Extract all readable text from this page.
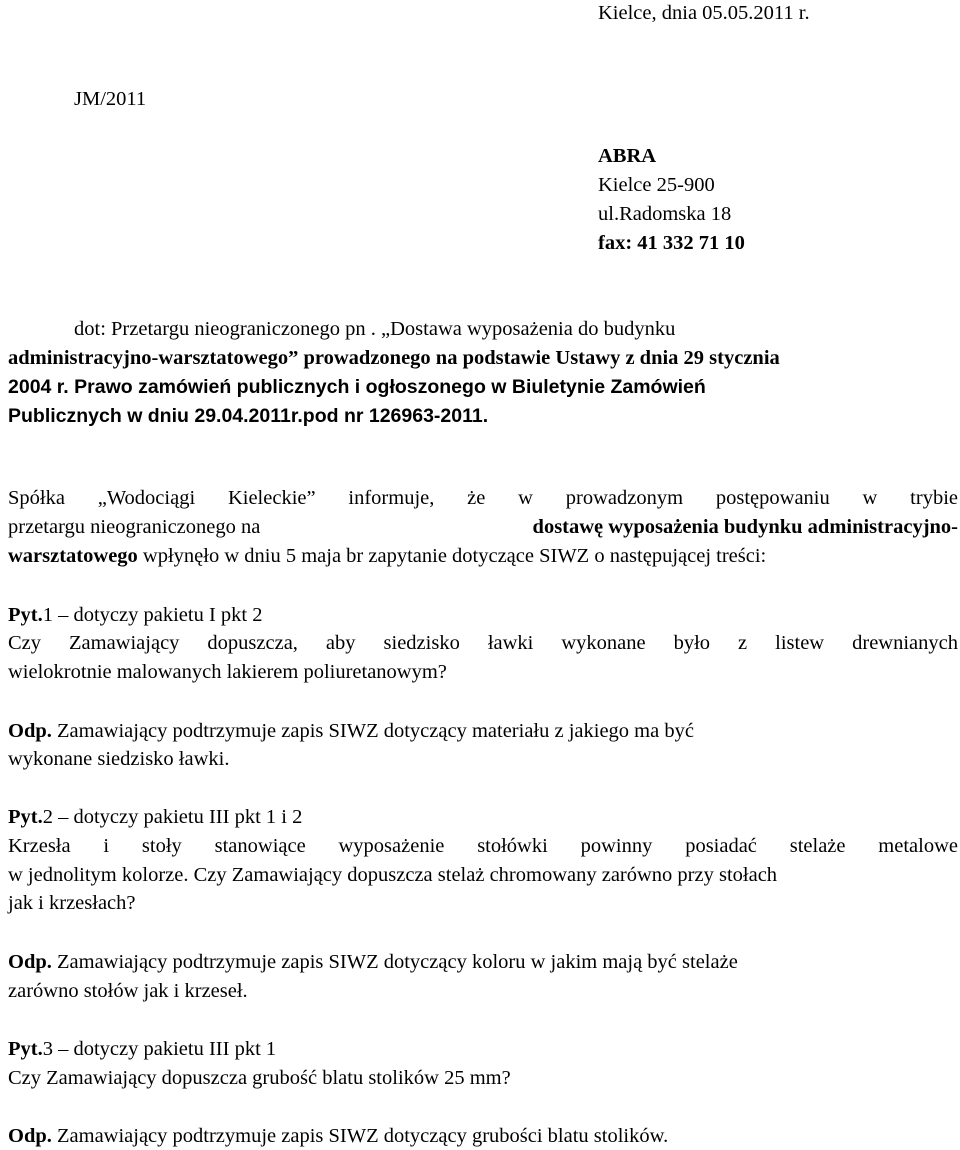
Kielce, dnia 05.05.2011 r.
JM/2011
ABRA
Kielce 25-900
ul.Radomska 18
fax: 41 332 71 10
dot: Przetargu nieograniczonego pn . „Dostawa wyposażenia do budynku
administracyjno-warsztatowego” prowadzonego na podstawie Ustawy z dnia 29 stycznia
2004 r. Prawo zamówień publicznych i ogłoszonego w Biuletynie Zamówień
Publicznych w dniu 29.04.2011r.pod nr 126963-2011.
Spółka „Wodociągi Kieleckie” informuje, że w prowadzonym postępowaniu w trybie
przetargu nieograniczonego na	dostawę wyposażenia budynku administracyjno-
warsztatowego wpłynęło w dniu 5 maja br zapytanie dotyczące SIWZ o następującej treści:
Pyt.1 – dotyczy pakietu I pkt 2
Czy Zamawiający dopuszcza, aby siedzisko ławki wykonane było z listew drewnianych
wielokrotnie malowanych lakierem poliuretanowym?
Odp. Zamawiający podtrzymuje zapis SIWZ dotyczący materiału z jakiego ma być
wykonane siedzisko ławki.
Pyt.2 – dotyczy pakietu III pkt 1 i 2
Krzesła i stoły stanowiące wyposażenie stołówki powinny posiadać stelaże metalowe
w jednolitym kolorze. Czy Zamawiający dopuszcza stelaż chromowany zarówno przy stołach
jak i krzesłach?
Odp. Zamawiający podtrzymuje zapis SIWZ dotyczący koloru w jakim mają być stelaże
zarówno stołów jak i krzeseł.
Pyt.3 – dotyczy pakietu III pkt 1
Czy Zamawiający dopuszcza grubość blatu stolików 25 mm?
Odp. Zamawiający podtrzymuje zapis SIWZ dotyczący grubości blatu stolików.
